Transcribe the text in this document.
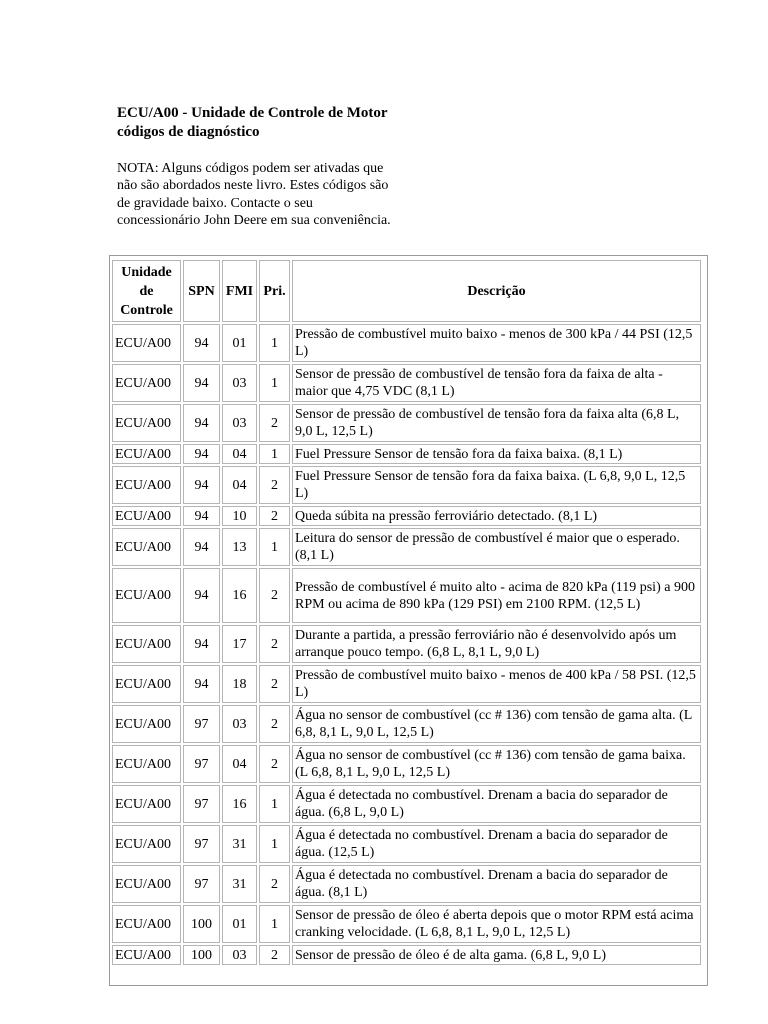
ECU/A00 - Unidade de Controle de Motor códigos de diagnóstico

NOTA: Alguns códigos podem ser ativadas que não são abordados neste livro. Estes códigos são de gravidade baixo. Contacte o seu concessionário John Deere em sua conveniência.

Unidade de Controle	SPN	FMI	Pri.	Descrição
ECU/A00	94	01	1	Pressão de combustível muito baixo - menos de 300 kPa / 44 PSI (12,5 L)
ECU/A00	94	03	1	Sensor de pressão de combustível de tensão fora da faixa de alta - maior que 4,75 VDC (8,1 L)
ECU/A00	94	03	2	Sensor de pressão de combustível de tensão fora da faixa alta (6,8 L, 9,0 L, 12,5 L)
ECU/A00	94	04	1	Fuel Pressure Sensor de tensão fora da faixa baixa. (8,1 L)
ECU/A00	94	04	2	Fuel Pressure Sensor de tensão fora da faixa baixa. (L 6,8, 9,0 L, 12,5 L)
ECU/A00	94	10	2	Queda súbita na pressão ferroviário detectado. (8,1 L)
ECU/A00	94	13	1	Leitura do sensor de pressão de combustível é maior que o esperado. (8,1 L)
ECU/A00	94	16	2	Pressão de combustível é muito alto - acima de 820 kPa (119 psi) a 900 RPM ou acima de 890 kPa (129 PSI) em 2100 RPM. (12,5 L)
ECU/A00	94	17	2	Durante a partida, a pressão ferroviário não é desenvolvido após um arranque pouco tempo. (6,8 L, 8,1 L, 9,0 L)
ECU/A00	94	18	2	Pressão de combustível muito baixo - menos de 400 kPa / 58 PSI. (12,5 L)
ECU/A00	97	03	2	Água no sensor de combustível (cc # 136) com tensão de gama alta. (L 6,8, 8,1 L, 9,0 L, 12,5 L)
ECU/A00	97	04	2	Água no sensor de combustível (cc # 136) com tensão de gama baixa. (L 6,8, 8,1 L, 9,0 L, 12,5 L)
ECU/A00	97	16	1	Água é detectada no combustível. Drenam a bacia do separador de água. (6,8 L, 9,0 L)
ECU/A00	97	31	1	Água é detectada no combustível. Drenam a bacia do separador de água. (12,5 L)
ECU/A00	97	31	2	Água é detectada no combustível. Drenam a bacia do separador de água. (8,1 L)
ECU/A00	100	01	1	Sensor de pressão de óleo é aberta depois que o motor RPM está acima cranking velocidade. (L 6,8, 8,1 L, 9,0 L, 12,5 L)
ECU/A00	100	03	2	Sensor de pressão de óleo é de alta gama. (6,8 L, 9,0 L)
